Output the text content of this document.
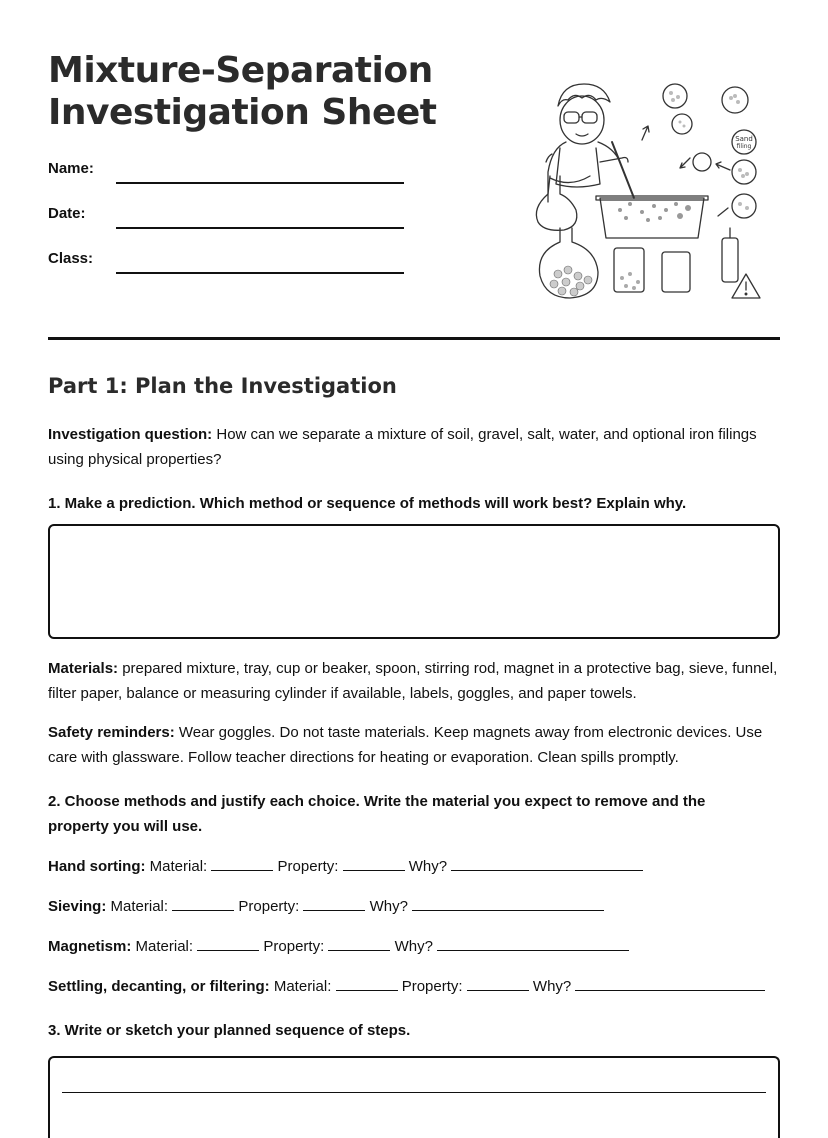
Mixture-Separation
Investigation Sheet
Name:
Date:
Class:
Sand
filing
Part 1: Plan the Investigation

Investigation question: How can we separate a mixture of soil, gravel, salt, water, and optional iron filings using physical properties?

1. Make a prediction. Which method or sequence of methods will work best? Explain why.

Materials: prepared mixture, tray, cup or beaker, spoon, stirring rod, magnet in a protective bag, sieve, funnel, filter paper, balance or measuring cylinder if available, labels, goggles, and paper towels.

Safety reminders: Wear goggles. Do not taste materials. Keep magnets away from electronic devices. Use care with glassware. Follow teacher directions for heating or evaporation. Clean spills promptly.

2. Choose methods and justify each choice. Write the material you expect to remove and the property you will use.

Hand sorting: Material:	Property:	Why?
Sieving: Material:	Property:	Why?
Magnetism: Material:	Property:	Why?
Settling, decanting, or filtering: Material:	Property:	Why?

3. Write or sketch your planned sequence of steps.
